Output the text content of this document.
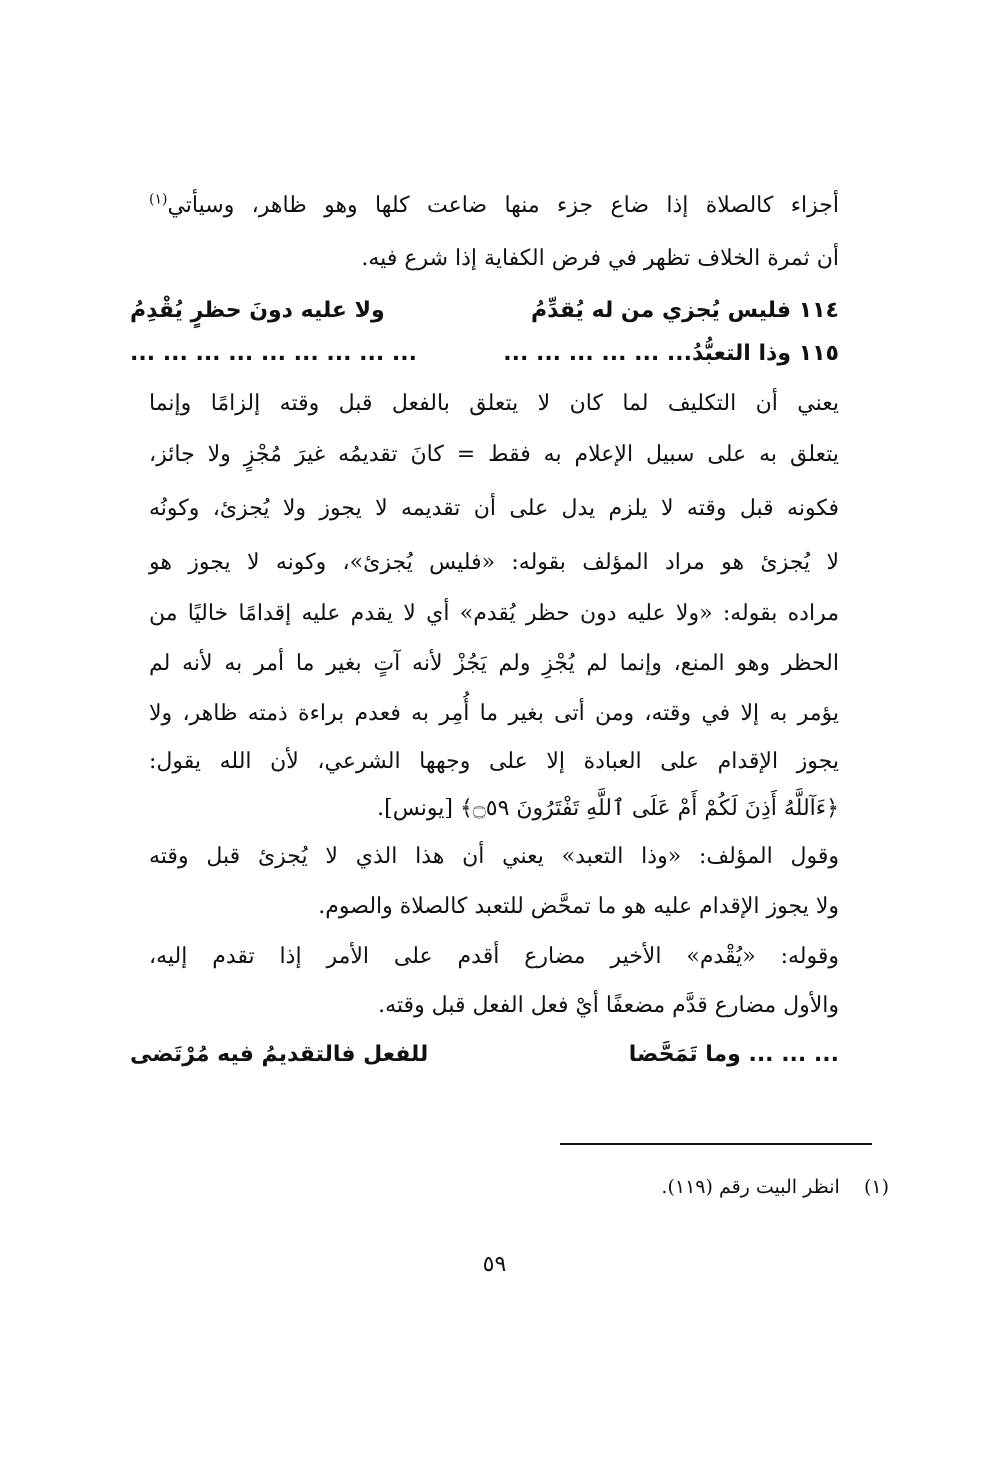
أجزاء كالصلاة إذا ضاع جزء منها ضاعت كلها وهو ظاهر، وسيأتي$^{(١)}$
أن ثمرة الخلاف تظهر في فرض الكفاية إذا شرع فيه.
١١٤ فليس يُجزي من له يُقدِّمُ
ولا عليه دونَ حظرٍ يُقْدِمُ
١١٥ وذا التعبُّدُ... ... ... ... ... ...
... ... ... ... ... ... ... ... ...
يعني أن التكليف لما كان لا يتعلق بالفعل قبل وقته إلزامًا وإنما
يتعلق به على سبيل الإعلام به فقط = كانَ تقديمُه غيرَ مُجْزٍ ولا جائز،
فكونه قبل وقته لا يلزم يدل على أن تقديمه لا يجوز ولا يُجزئ، وكونُه
لا يُجزئ هو مراد المؤلف بقوله: «فليس يُجزئ»، وكونه لا يجوز هو
مراده بقوله: «ولا عليه دون حظر يُقدم» أي لا يقدم عليه إقدامًا خاليًا من
الحظر وهو المنع، وإنما لم يُجْزِ ولم يَجُزْ لأنه آتٍ بغير ما أمر به لأنه لم
يؤمر به إلا في وقته، ومن أتى بغير ما أُمِر به فعدم براءة ذمته ظاهر، ولا
يجوز الإقدام على العبادة إلا على وجهها الشرعي، لأن الله يقول:
﴿ءَآللَّهُ أَذِنَ لَكُمْ أَمْ عَلَى ٱللَّهِ تَفْتَرُونَ ۝٥٩﴾ [يونس].
وقول المؤلف: «وذا التعبد» يعني أن هذا الذي لا يُجزئ قبل وقته
ولا يجوز الإقدام عليه هو ما تمحَّض للتعبد كالصلاة والصوم.
وقوله: «يُقْدم» الأخير مضارع أقدم على الأمر إذا تقدم إليه،
والأول مضارع قدَّم مضعفًا أيْ فعل الفعل قبل وقته.
... ... ... وما تَمَحَّضا
للفعل فالتقديمُ فيه مُرْتَضى
(١)    انظر البيت رقم (١١٩).
٥٩
